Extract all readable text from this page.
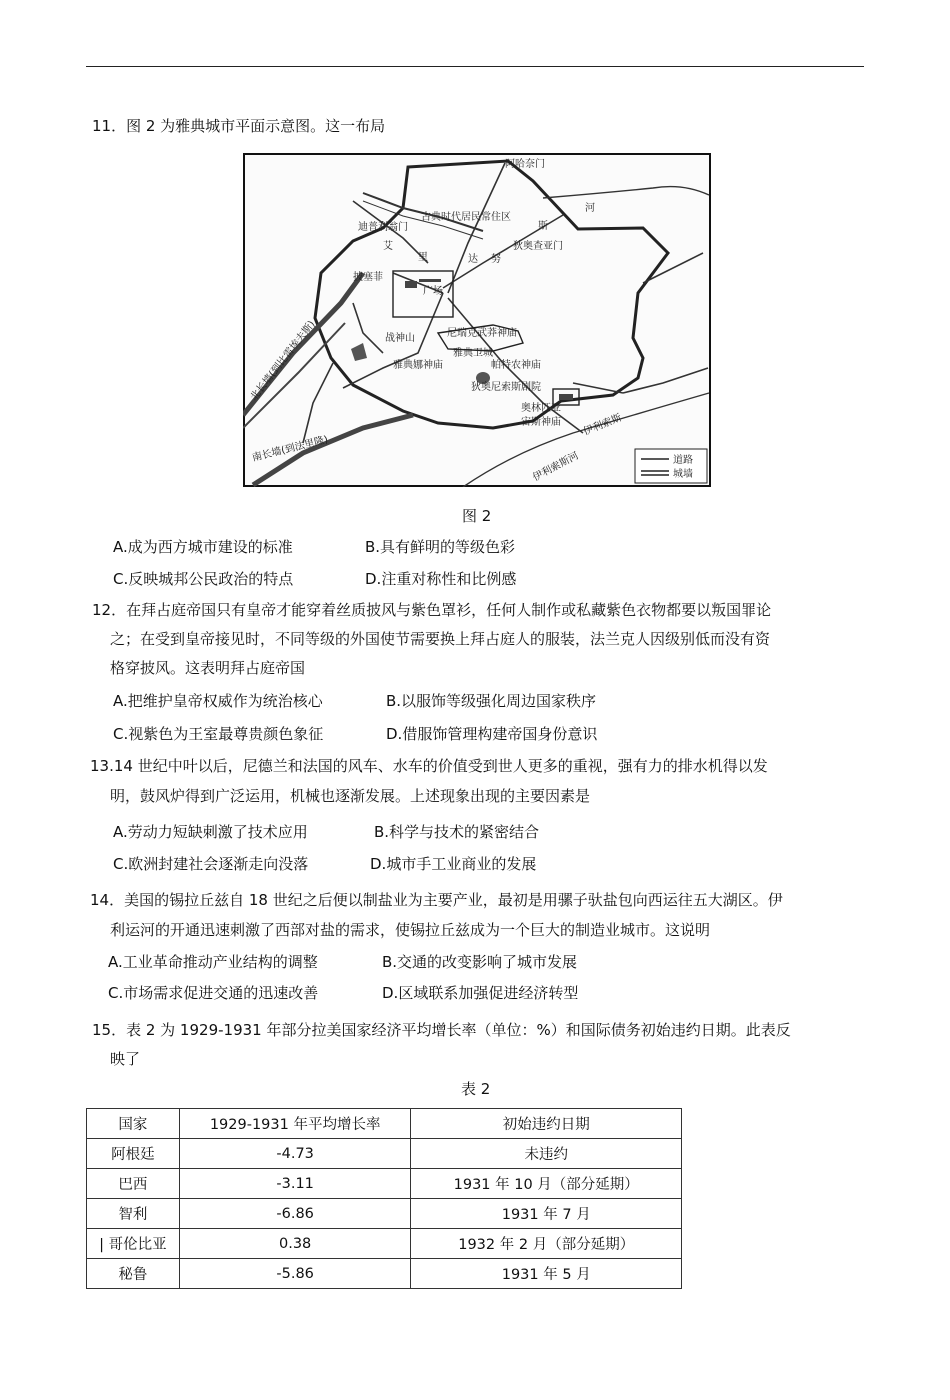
11．图 2 为雅典城市平面示意图。这一布局
阿哈奈门
迪普利翁门
古典时代居民常住区
河
斯
狄奥查亚门
艾
里	达 努
披塞菲
广场
战神山	尼瑞克武莽神庙
雅典卫城
帕特农神庙
雅典娜神庙
狄奥尼索斯剧院
奥林匹亚
宙斯神庙
北长墙(到比雷埃夫斯)
南长墙(到法里隆)
伊利索斯河
伊利索斯
道路
城墙
图 2
A.成为西方城市建设的标准	B.具有鲜明的等级色彩
C.反映城邦公民政治的特点	D.注重对称性和比例感
12．在拜占庭帝国只有皇帝才能穿着丝质披风与紫色罩衫，任何人制作或私藏紫色衣物都要以叛国罪论
之；在受到皇帝接见时，不同等级的外国使节需要换上拜占庭人的服装，法兰克人因级别低而没有资
格穿披风。这表明拜占庭帝国
A.把维护皇帝权威作为统治核心	B.以服饰等级强化周边国家秩序
C.视紫色为王室最尊贵颜色象征	D.借服饰管理构建帝国身份意识
13.14 世纪中叶以后，尼德兰和法国的风车、水车的价值受到世人更多的重视，强有力的排水机得以发
明，鼓风炉得到广泛运用，机械也逐渐发展。上述现象出现的主要因素是
A.劳动力短缺刺激了技术应用	B.科学与技术的紧密结合
C.欧洲封建社会逐渐走向没落	D.城市手工业商业的发展
14．美国的锡拉丘兹自 18 世纪之后便以制盐业为主要产业，最初是用骡子驮盐包向西运往五大湖区。伊
利运河的开通迅速刺激了西部对盐的需求，使锡拉丘兹成为一个巨大的制造业城市。这说明
A.工业革命推动产业结构的调整	B.交通的改变影响了城市发展
C.市场需求促进交通的迅速改善	D.区域联系加强促进经济转型
15．表 2 为 1929-1931 年部分拉美国家经济平均增长率（单位：%）和国际债务初始违约日期。此表反
映了
表 2
国家	1929-1931 年平均增长率	初始违约日期
阿根廷	-4.73	未违约
巴西	-3.11	1931 年 10 月（部分延期）
智利	-6.86	1931 年 7 月
| 哥伦比亚	0.38	1932 年 2 月（部分延期）
秘鲁	-5.86	1931 年 5 月
